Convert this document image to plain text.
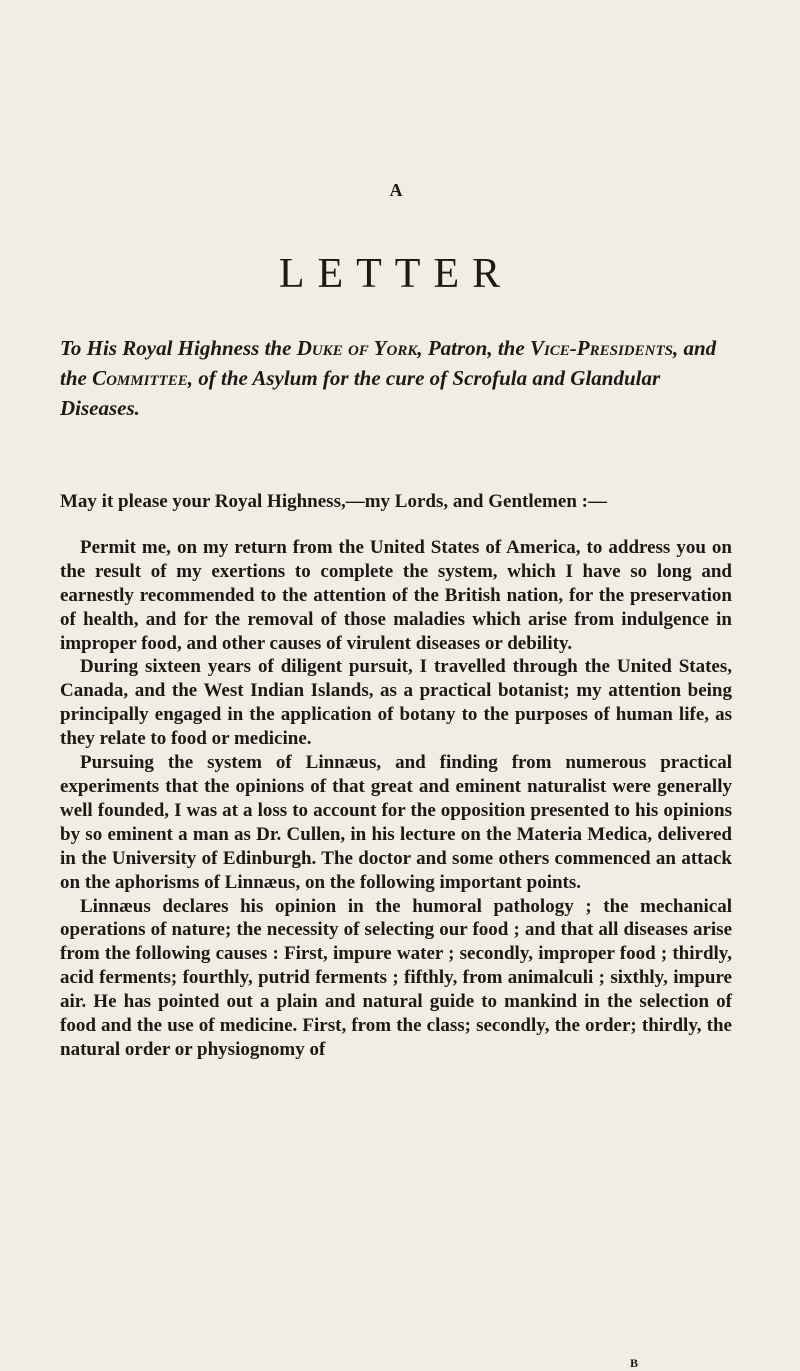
A
LETTER
To His Royal Highness the Duke of York, Patron, the Vice-Presidents, and the Committee, of the Asylum for the cure of Scrofula and Glandular Diseases.

May it please your Royal Highness,—my Lords, and Gentlemen :—

Permit me, on my return from the United States of America, to address you on the result of my exertions to complete the system, which I have so long and earnestly recommended to the attention of the British nation, for the preservation of health, and for the removal of those maladies which arise from indulgence in improper food, and other causes of virulent diseases or debility.

During sixteen years of diligent pursuit, I travelled through the United States, Canada, and the West Indian Islands, as a practical botanist; my attention being principally engaged in the application of botany to the purposes of human life, as they relate to food or medicine.

Pursuing the system of Linnæus, and finding from numerous practical experiments that the opinions of that great and eminent naturalist were generally well founded, I was at a loss to account for the opposition presented to his opinions by so eminent a man as Dr. Cullen, in his lecture on the Materia Medica, delivered in the University of Edinburgh. The doctor and some others commenced an attack on the aphorisms of Linnæus, on the following important points.

Linnæus declares his opinion in the humoral pathology ; the mechanical operations of nature; the necessity of selecting our food ; and that all diseases arise from the following causes : First, impure water ; secondly, improper food ; thirdly, acid ferments; fourthly, putrid ferments ; fifthly, from animalculi ; sixthly, impure air. He has pointed out a plain and natural guide to mankind in the selection of food and the use of medicine. First, from the class; secondly, the order; thirdly, the natural order or physiognomy of

B
